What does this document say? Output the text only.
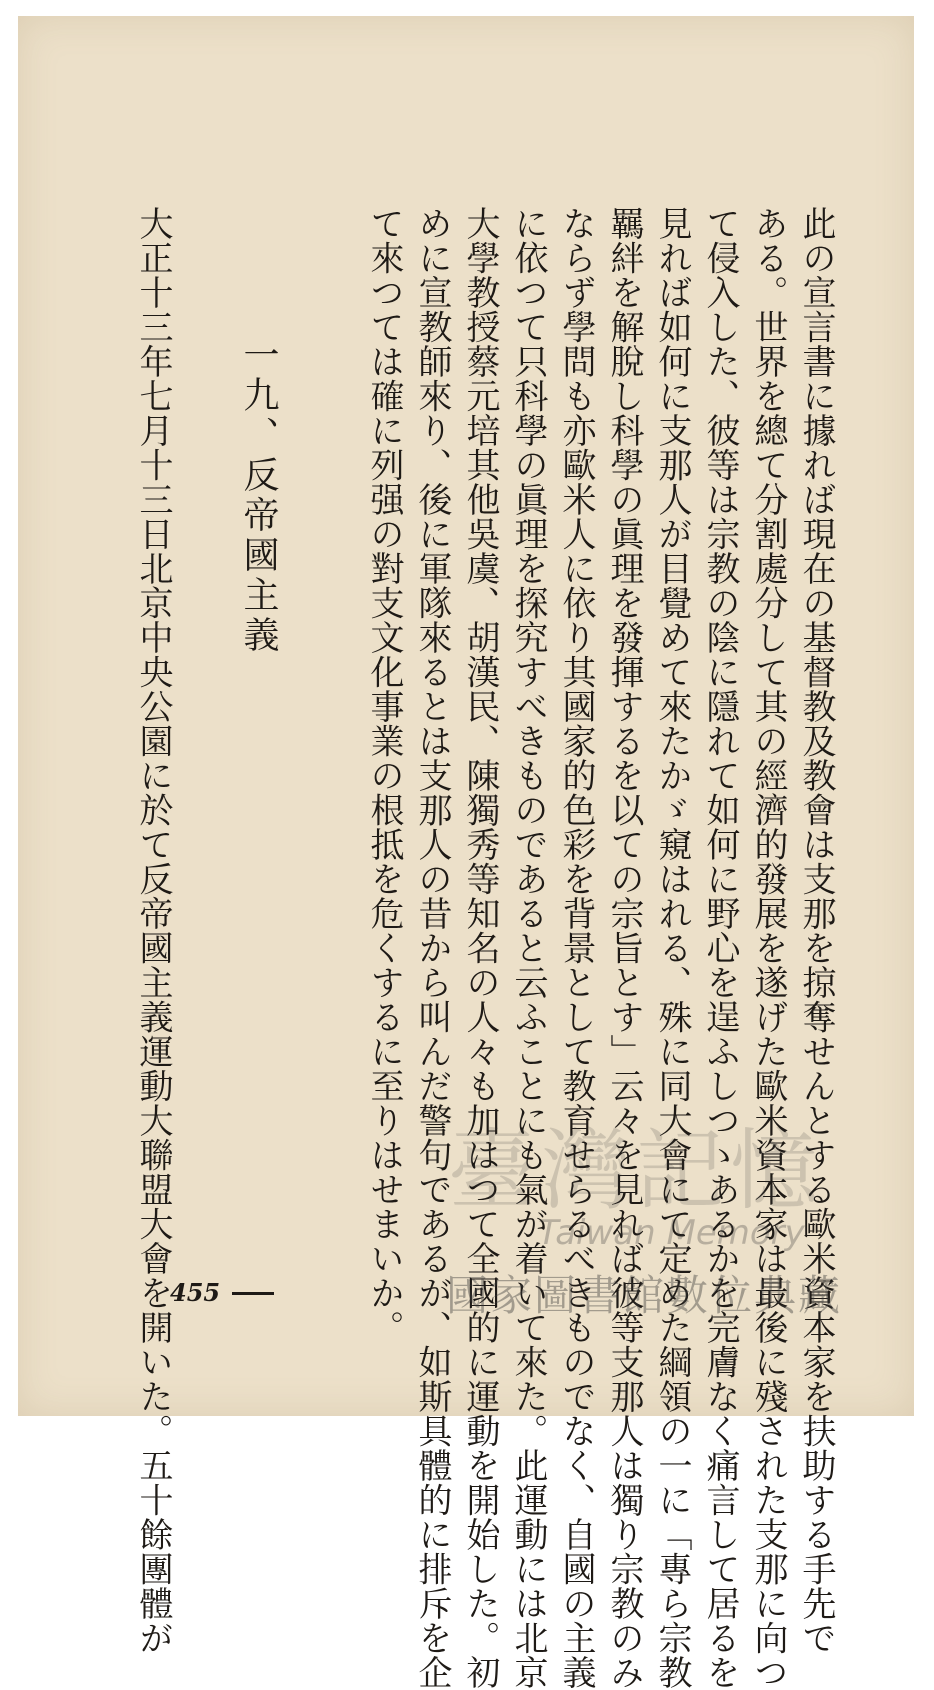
此の宣言書に據れば現在の基督教及教會は支那を掠奪せんとする歐米資本家を扶助する手先で
ある。世界を總て分割處分して其の經濟的發展を遂げた歐米資本家は最後に殘された支那に向つ
て侵入した、彼等は宗教の陰に隱れて如何に野心を逞ふしつゝあるかを完膚なく痛言して居るを
見れば如何に支那人が目覺めて來たかゞ窺はれる、殊に同大會にて定めた綱領の一に「專ら宗教
羈絆を解脫し科學の眞理を發揮するを以ての宗旨とす」云々を見れば彼等支那人は獨り宗教のみ
ならず學問も亦歐米人に依り其國家的色彩を背景として教育せらるべきものでなく、自國の主義
に依つて只科學の眞理を探究すべきものであると云ふことにも氣が着いて來た。此運動には北京
大學教授蔡元培其他吳虞、胡漢民、陳獨秀等知名の人々も加はつて全國的に運動を開始した。初
めに宣教師來り、後に軍隊來るとは支那人の昔から叫んだ警句であるが、如斯具體的に排斥を企
て來つては確に列强の對支文化事業の根抵を危くするに至りはせまいか。
一九、反帝國主義
大正十三年七月十三日北京中央公園に於て反帝國主義運動大聯盟大會を開いた。五十餘團體が
455
臺灣記憶
Taiwan Memory
國家圖書館數位典藏
